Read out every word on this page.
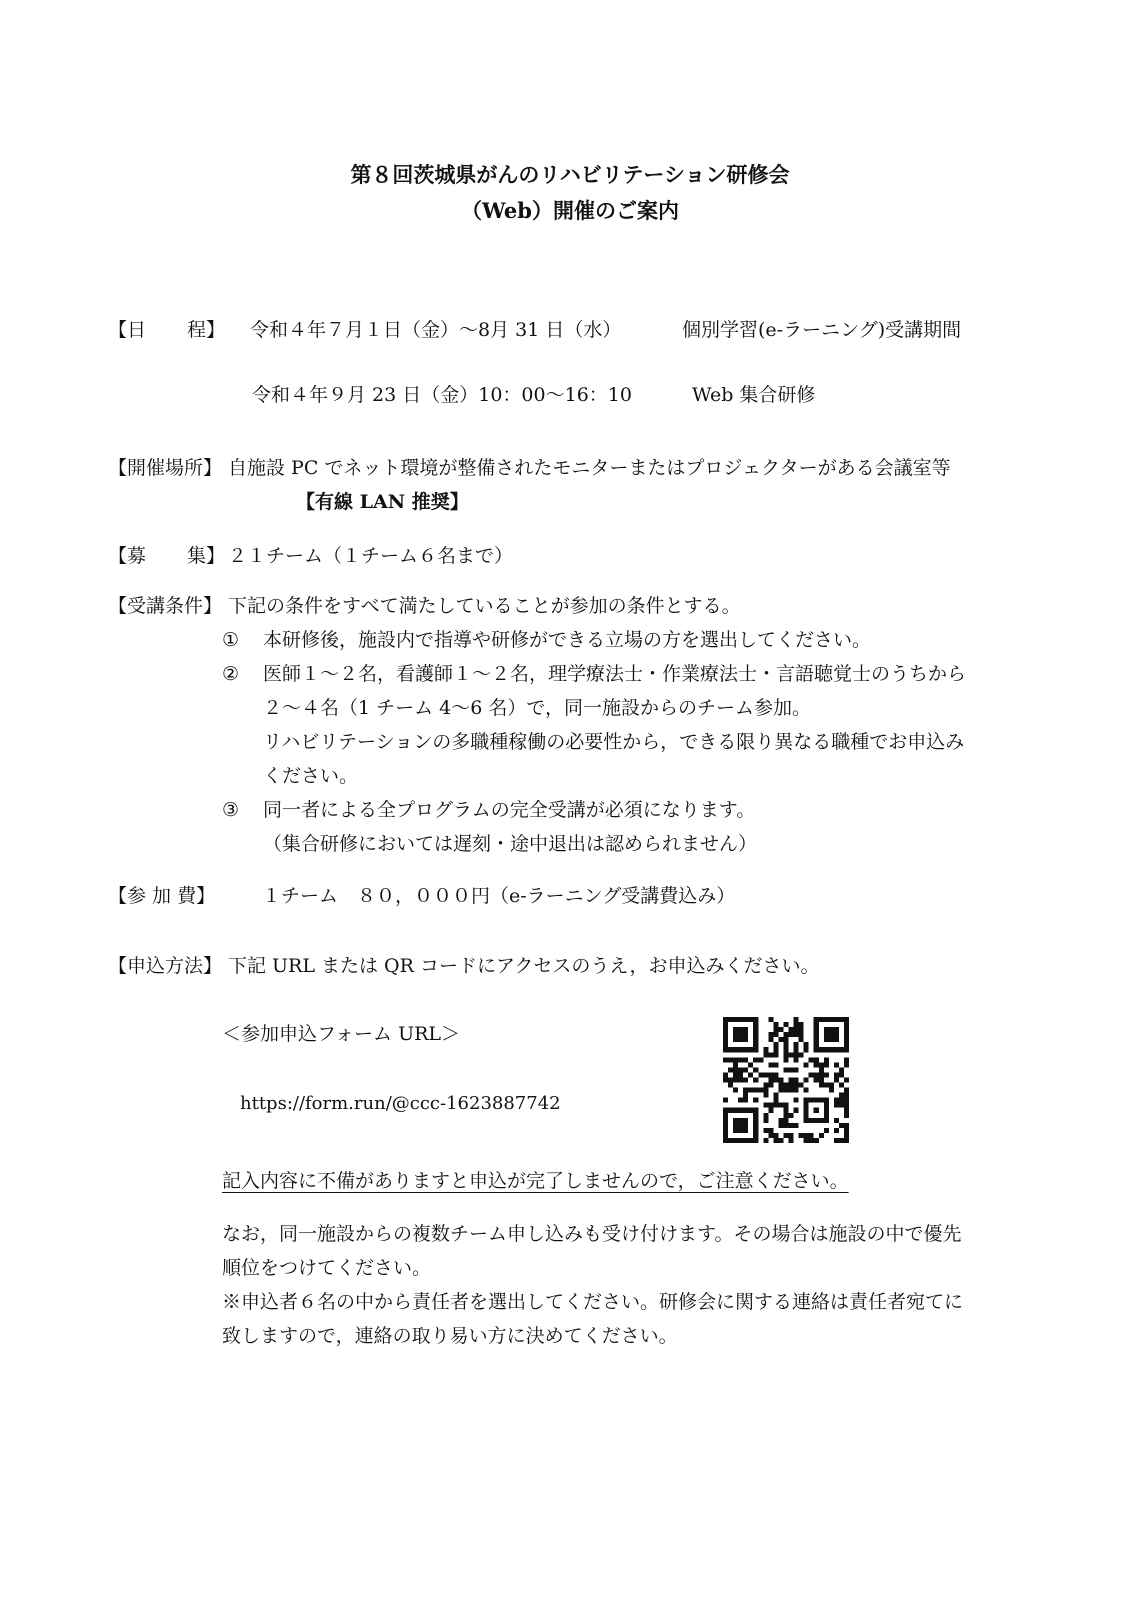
第８回茨城県がんのリハビリテーション研修会
（Web）開催のご案内
【日 程】 令和４年７月１日（金）～8月 31 日（水）	個別学習(e-ラーニング)受講期間
令和４年９月 23 日（金）10：00～16：10	Web 集合研修
【開催場所】 自施設 PC でネット環境が整備されたモニターまたはプロジェクターがある会議室等
【有線 LAN 推奨】
【募 集】 ２１チーム（１チーム６名まで）
【受講条件】 下記の条件をすべて満たしていることが参加の条件とする。
① 本研修後，施設内で指導や研修ができる立場の方を選出してください。
② 医師１～２名，看護師１～２名，理学療法士・作業療法士・言語聴覚士のうちから
２～４名（1 チーム 4～6 名）で，同一施設からのチーム参加。
リハビリテーションの多職種稼働の必要性から，できる限り異なる職種でお申込み
ください。
③ 同一者による全プログラムの完全受講が必須になります。
（集合研修においては遅刻・途中退出は認められません）
【参 加 費】 １チーム　８０，０００円（e-ラーニング受講費込み）
【申込方法】 下記 URL または QR コードにアクセスのうえ，お申込みください。
＜参加申込フォーム URL＞
https://form.run/@ccc-1623887742
記入内容に不備がありますと申込が完了しませんので，ご注意ください。
なお，同一施設からの複数チーム申し込みも受け付けます。その場合は施設の中で優先
順位をつけてください。
※申込者６名の中から責任者を選出してください。研修会に関する連絡は責任者宛てに
致しますので，連絡の取り易い方に決めてください。
